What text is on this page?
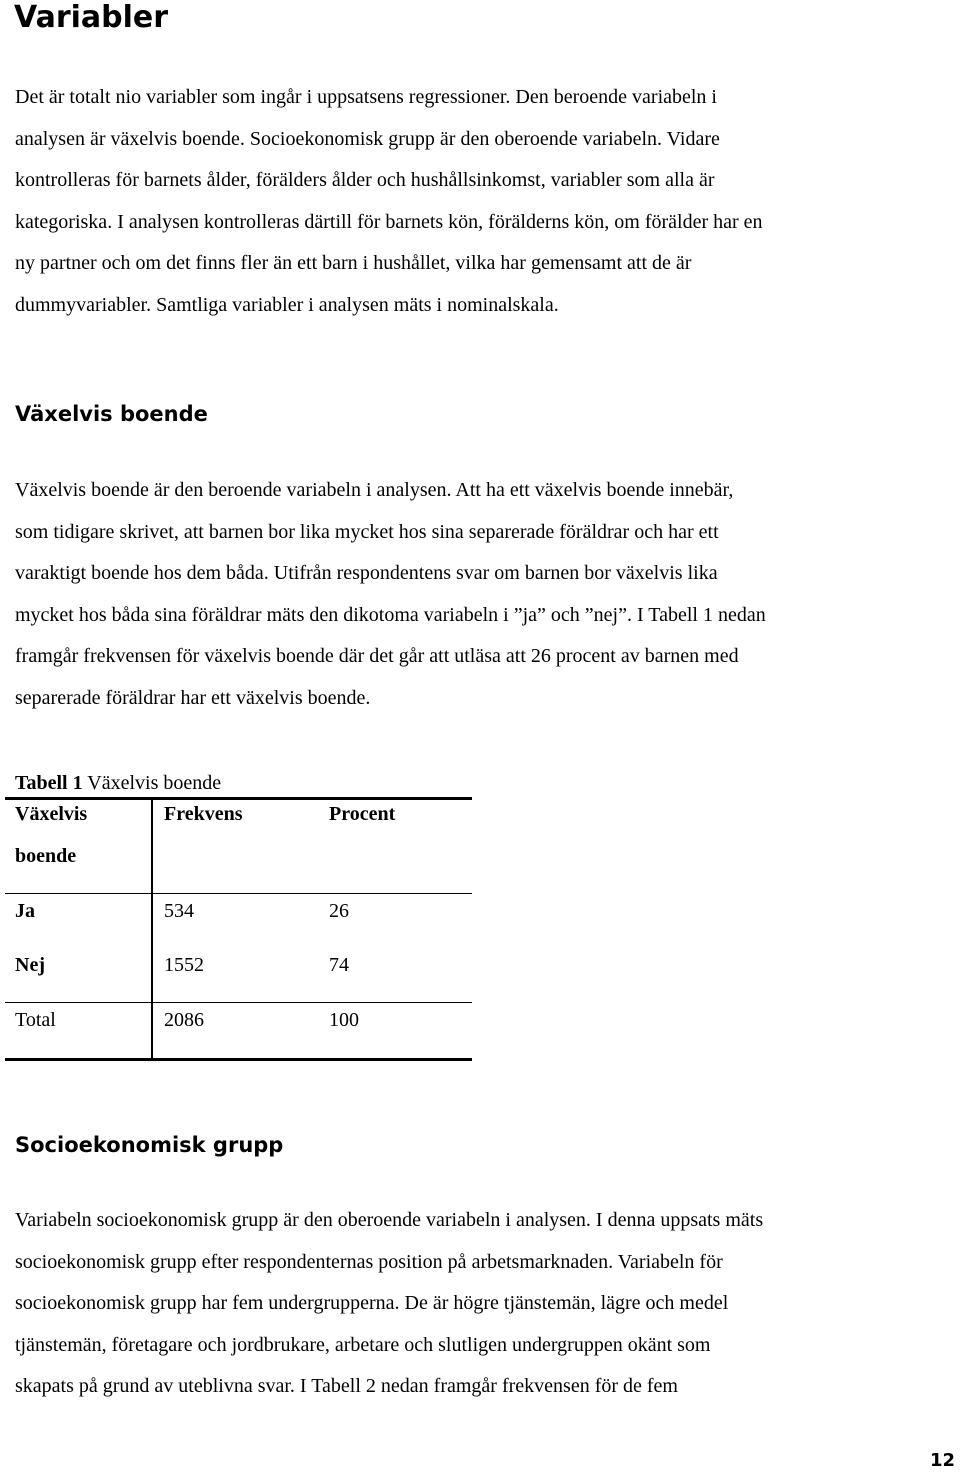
Variabler
Det är totalt nio variabler som ingår i uppsatsens regressioner. Den beroende variabeln i
analysen är växelvis boende. Socioekonomisk grupp är den oberoende variabeln. Vidare
kontrolleras för barnets ålder, förälders ålder och hushållsinkomst, variabler som alla är
kategoriska. I analysen kontrolleras därtill för barnets kön, förälderns kön, om förälder har en
ny partner och om det finns fler än ett barn i hushållet, vilka har gemensamt att de är
dummyvariabler. Samtliga variabler i analysen mäts i nominalskala.
Växelvis boende
Växelvis boende är den beroende variabeln i analysen. Att ha ett växelvis boende innebär,
som tidigare skrivet, att barnen bor lika mycket hos sina separerade föräldrar och har ett
varaktigt boende hos dem båda. Utifrån respondentens svar om barnen bor växelvis lika
mycket hos båda sina föräldrar mäts den dikotoma variabeln i ”ja” och ”nej”. I Tabell 1 nedan
framgår frekvensen för växelvis boende där det går att utläsa att 26 procent av barnen med
separerade föräldrar har ett växelvis boende.

Tabell 1 Växelvis boende

Växelvis
boende
Frekvens	Procent
Ja	534	26
Nej	1552	74
Total	2086	100
Socioekonomisk grupp
Variabeln socioekonomisk grupp är den oberoende variabeln i analysen. I denna uppsats mäts
socioekonomisk grupp efter respondenternas position på arbetsmarknaden. Variabeln för
socioekonomisk grupp har fem undergrupperna. De är högre tjänstemän, lägre och medel
tjänstemän, företagare och jordbrukare, arbetare och slutligen undergruppen okänt som
skapats på grund av uteblivna svar. I Tabell 2 nedan framgår frekvensen för de fem
12
